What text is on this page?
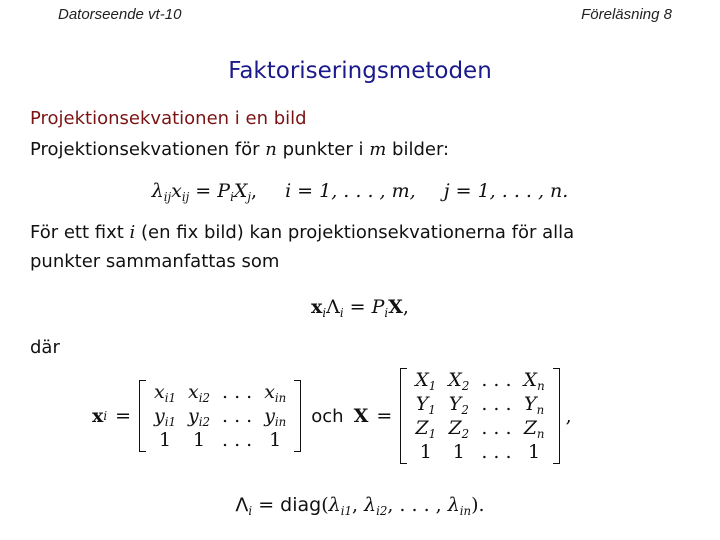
Datorseende vt-10	Föreläsning 8
Faktoriseringsmetoden
Projektionsekvationen i en bild
Projektionsekvationen för n punkter i m bilder:
$\lambda_{ij}x_{ij} = P_iX_j$, i = 1, . . . , m, j = 1, . . . , n.
För ett fixt i (en fix bild) kan projektionsekvationerna för alla
punkter sammanfattas som
$x_i\Lambda_i = P_iX$,
där
x i =
$x_{i1}$	$x_{i2}$	. . .	$x_{in}$
$y_{i1}$	$y_{i2}$	. . .	$y_{in}$
1	1	. . .	1
och X =
$X_1$	$X_2$	. . .	$X_n$
$Y_1$	$Y_2$	. . .	$Y_n$
$Z_1$	$Z_2$	. . .	$Z_n$
1	1	. . .	1
,
$\Lambda_i$ = $diag(\lambda_{i1}$, $\lambda_{i2}$, . . . , $\lambda_{in}$).
